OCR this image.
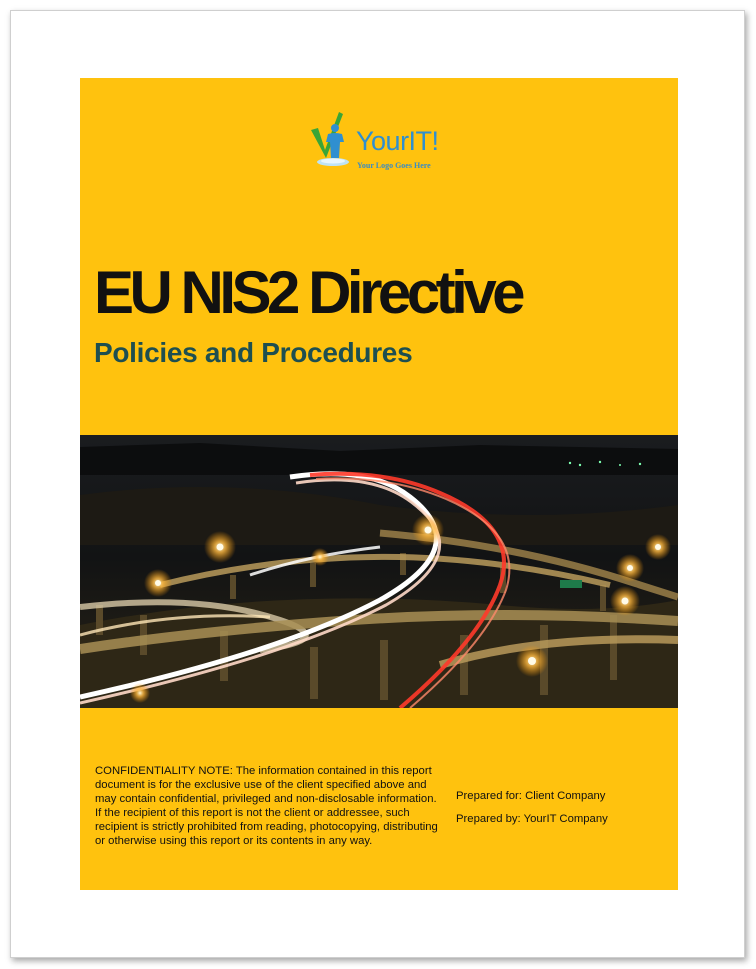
YourIT!
Your Logo Goes Here
EU NIS2 Directive
Policies and Procedures

CONFIDENTIALITY NOTE: The information contained in this report document is for the exclusive use of the client specified above and may contain confidential, privileged and non-disclosable information. If the recipient of this report is not the client or addressee, such recipient is strictly prohibited from reading, photocopying, distributing or otherwise using this report or its contents in any way.

Prepared for: Client Company
Prepared by: YourIT Company
